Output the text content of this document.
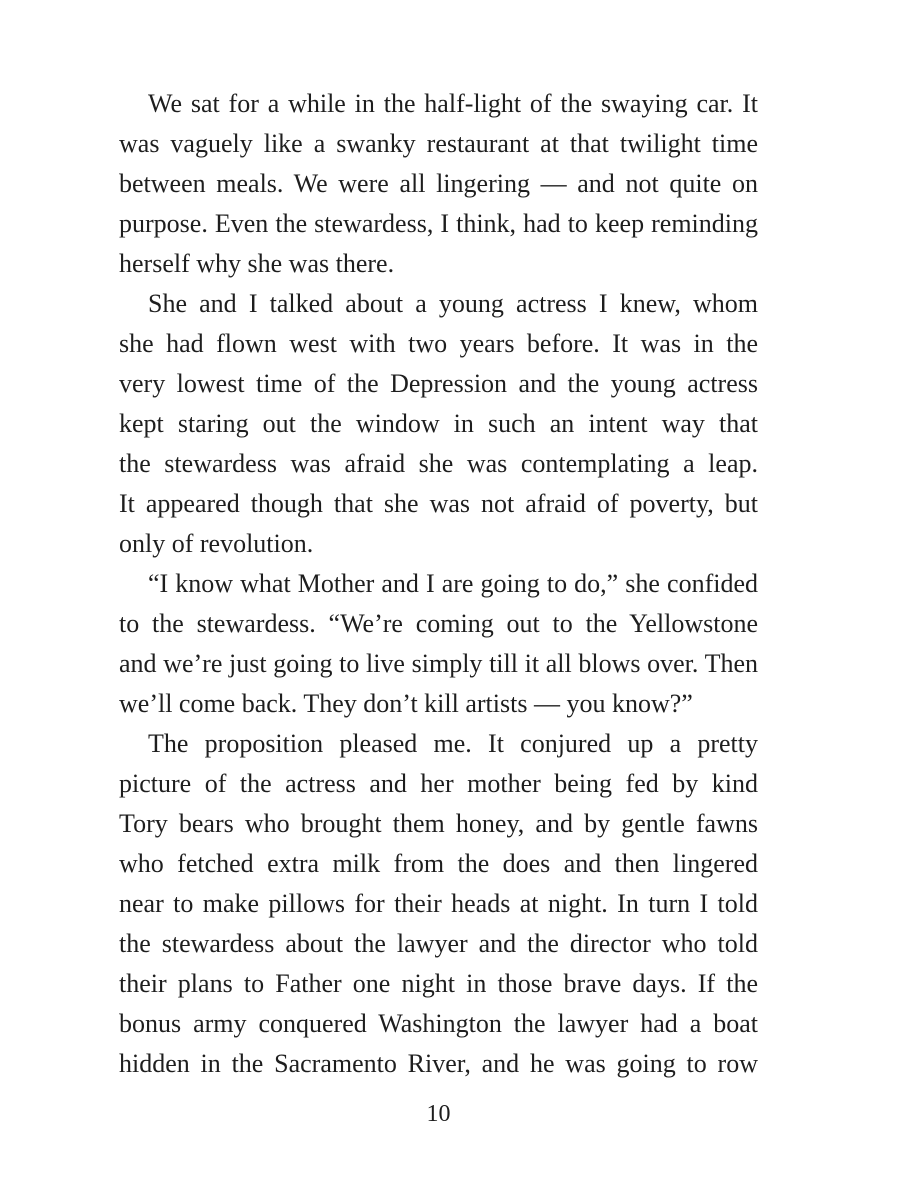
We sat for a while in the half-light of the swaying car. It
was vaguely like a swanky restaurant at that twilight time
between meals. We were all lingering — and not quite on
purpose. Even the stewardess, I think, had to keep reminding
herself why she was there.
She and I talked about a young actress I knew, whom
she had flown west with two years before. It was in the
very lowest time of the Depression and the young actress
kept staring out the window in such an intent way that
the stewardess was afraid she was contemplating a leap.
It appeared though that she was not afraid of poverty, but
only of revolution.
“I know what Mother and I are going to do,” she confided
to the stewardess. “We’re coming out to the Yellowstone
and we’re just going to live simply till it all blows over. Then
we’ll come back. They don’t kill artists — you know?”
The proposition pleased me. It conjured up a pretty
picture of the actress and her mother being fed by kind
Tory bears who brought them honey, and by gentle fawns
who fetched extra milk from the does and then lingered
near to make pillows for their heads at night. In turn I told
the stewardess about the lawyer and the director who told
their plans to Father one night in those brave days. If the
bonus army conquered Washington the lawyer had a boat
hidden in the Sacramento River, and he was going to row
10
